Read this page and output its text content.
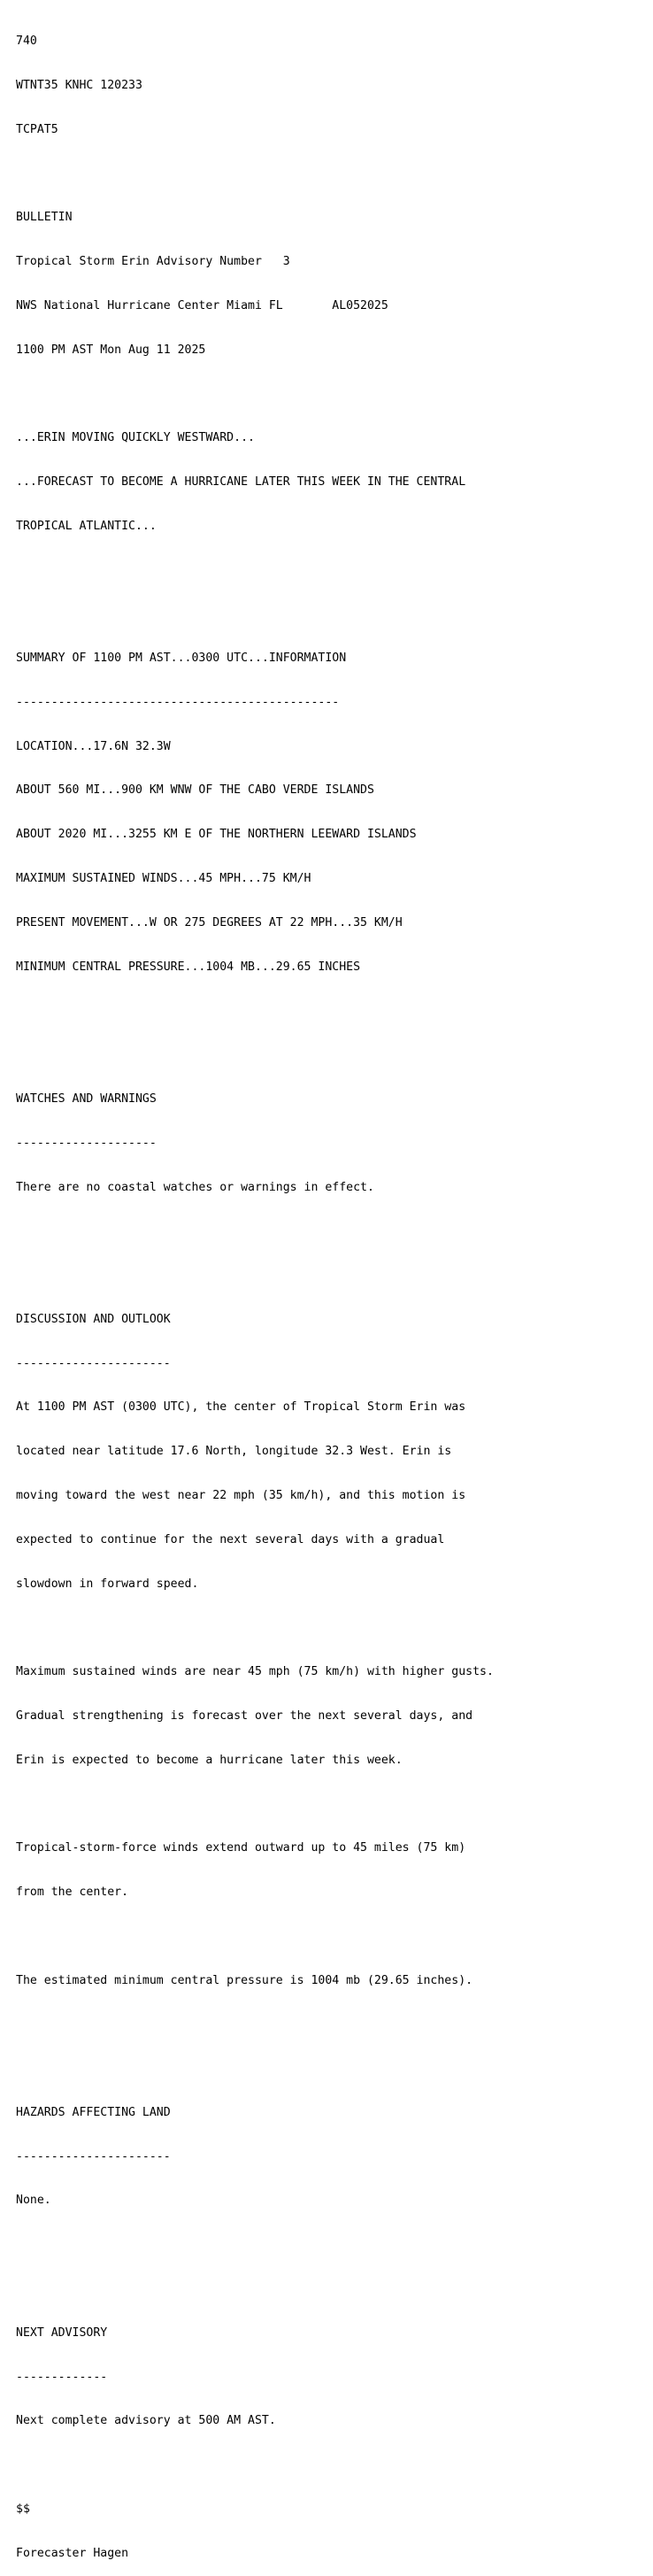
740

WTNT35 KNHC 120233

TCPAT5

BULLETIN

Tropical Storm Erin Advisory Number   3

NWS National Hurricane Center Miami FL       AL052025

1100 PM AST Mon Aug 11 2025

...ERIN MOVING QUICKLY WESTWARD...

...FORECAST TO BECOME A HURRICANE LATER THIS WEEK IN THE CENTRAL

TROPICAL ATLANTIC...

SUMMARY OF 1100 PM AST...0300 UTC...INFORMATION

----------------------------------------------

LOCATION...17.6N 32.3W

ABOUT 560 MI...900 KM WNW OF THE CABO VERDE ISLANDS

ABOUT 2020 MI...3255 KM E OF THE NORTHERN LEEWARD ISLANDS

MAXIMUM SUSTAINED WINDS...45 MPH...75 KM/H

PRESENT MOVEMENT...W OR 275 DEGREES AT 22 MPH...35 KM/H

MINIMUM CENTRAL PRESSURE...1004 MB...29.65 INCHES

WATCHES AND WARNINGS

--------------------

There are no coastal watches or warnings in effect.

DISCUSSION AND OUTLOOK

----------------------

At 1100 PM AST (0300 UTC), the center of Tropical Storm Erin was

located near latitude 17.6 North, longitude 32.3 West. Erin is

moving toward the west near 22 mph (35 km/h), and this motion is

expected to continue for the next several days with a gradual

slowdown in forward speed.

Maximum sustained winds are near 45 mph (75 km/h) with higher gusts.

Gradual strengthening is forecast over the next several days, and

Erin is expected to become a hurricane later this week.

Tropical-storm-force winds extend outward up to 45 miles (75 km)

from the center.

The estimated minimum central pressure is 1004 mb (29.65 inches).

HAZARDS AFFECTING LAND

----------------------

None.

NEXT ADVISORY

-------------

Next complete advisory at 500 AM AST.

$$

Forecaster Hagen
